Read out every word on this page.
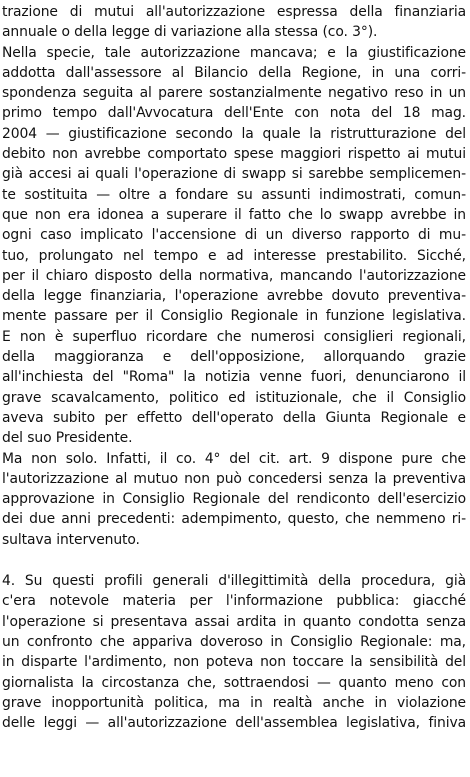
trazione di mutui all'autorizzazione espressa della finanziaria
annuale o della legge di variazione alla stessa (co. 3°).
Nella specie, tale autorizzazione mancava; e la giustificazione
addotta dall'assessore al Bilancio della Regione, in una corri-
spondenza seguita al parere sostanzialmente negativo reso in un
primo tempo dall'Avvocatura dell'Ente con nota del 18 mag.
2004 — giustificazione secondo la quale la ristrutturazione del
debito non avrebbe comportato spese maggiori rispetto ai mutui
già accesi ai quali l'operazione di swapp si sarebbe semplicemen-
te sostituita — oltre a fondare su assunti indimostrati, comun-
que non era idonea a superare il fatto che lo swapp avrebbe in
ogni caso implicato l'accensione di un diverso rapporto di mu-
tuo, prolungato nel tempo e ad interesse prestabilito. Sicché,
per il chiaro disposto della normativa, mancando l'autorizzazione
della legge finanziaria, l'operazione avrebbe dovuto preventiva-
mente passare per il Consiglio Regionale in funzione legislativa.
E non è superfluo ricordare che numerosi consiglieri regionali,
della maggioranza e dell'opposizione, allorquando grazie
all'inchiesta del "Roma" la notizia venne fuori, denunciarono il
grave scavalcamento, politico ed istituzionale, che il Consiglio
aveva subito per effetto dell'operato della Giunta Regionale e
del suo Presidente.
Ma non solo. Infatti, il co. 4° del cit. art. 9 dispone pure che
l'autorizzazione al mutuo non può concedersi senza la preventiva
approvazione in Consiglio Regionale del rendiconto dell'esercizio
dei due anni precedenti: adempimento, questo, che nemmeno ri-
sultava intervenuto.
4. Su questi profili generali d'illegittimità della procedura, già
c'era notevole materia per l'informazione pubblica: giacché
l'operazione si presentava assai ardita in quanto condotta senza
un confronto che appariva doveroso in Consiglio Regionale: ma,
in disparte l'ardimento, non poteva non toccare la sensibilità del
giornalista la circostanza che, sottraendosi — quanto meno con
grave inopportunità politica, ma in realtà anche in violazione
delle leggi — all'autorizzazione dell'assemblea legislativa, finiva
